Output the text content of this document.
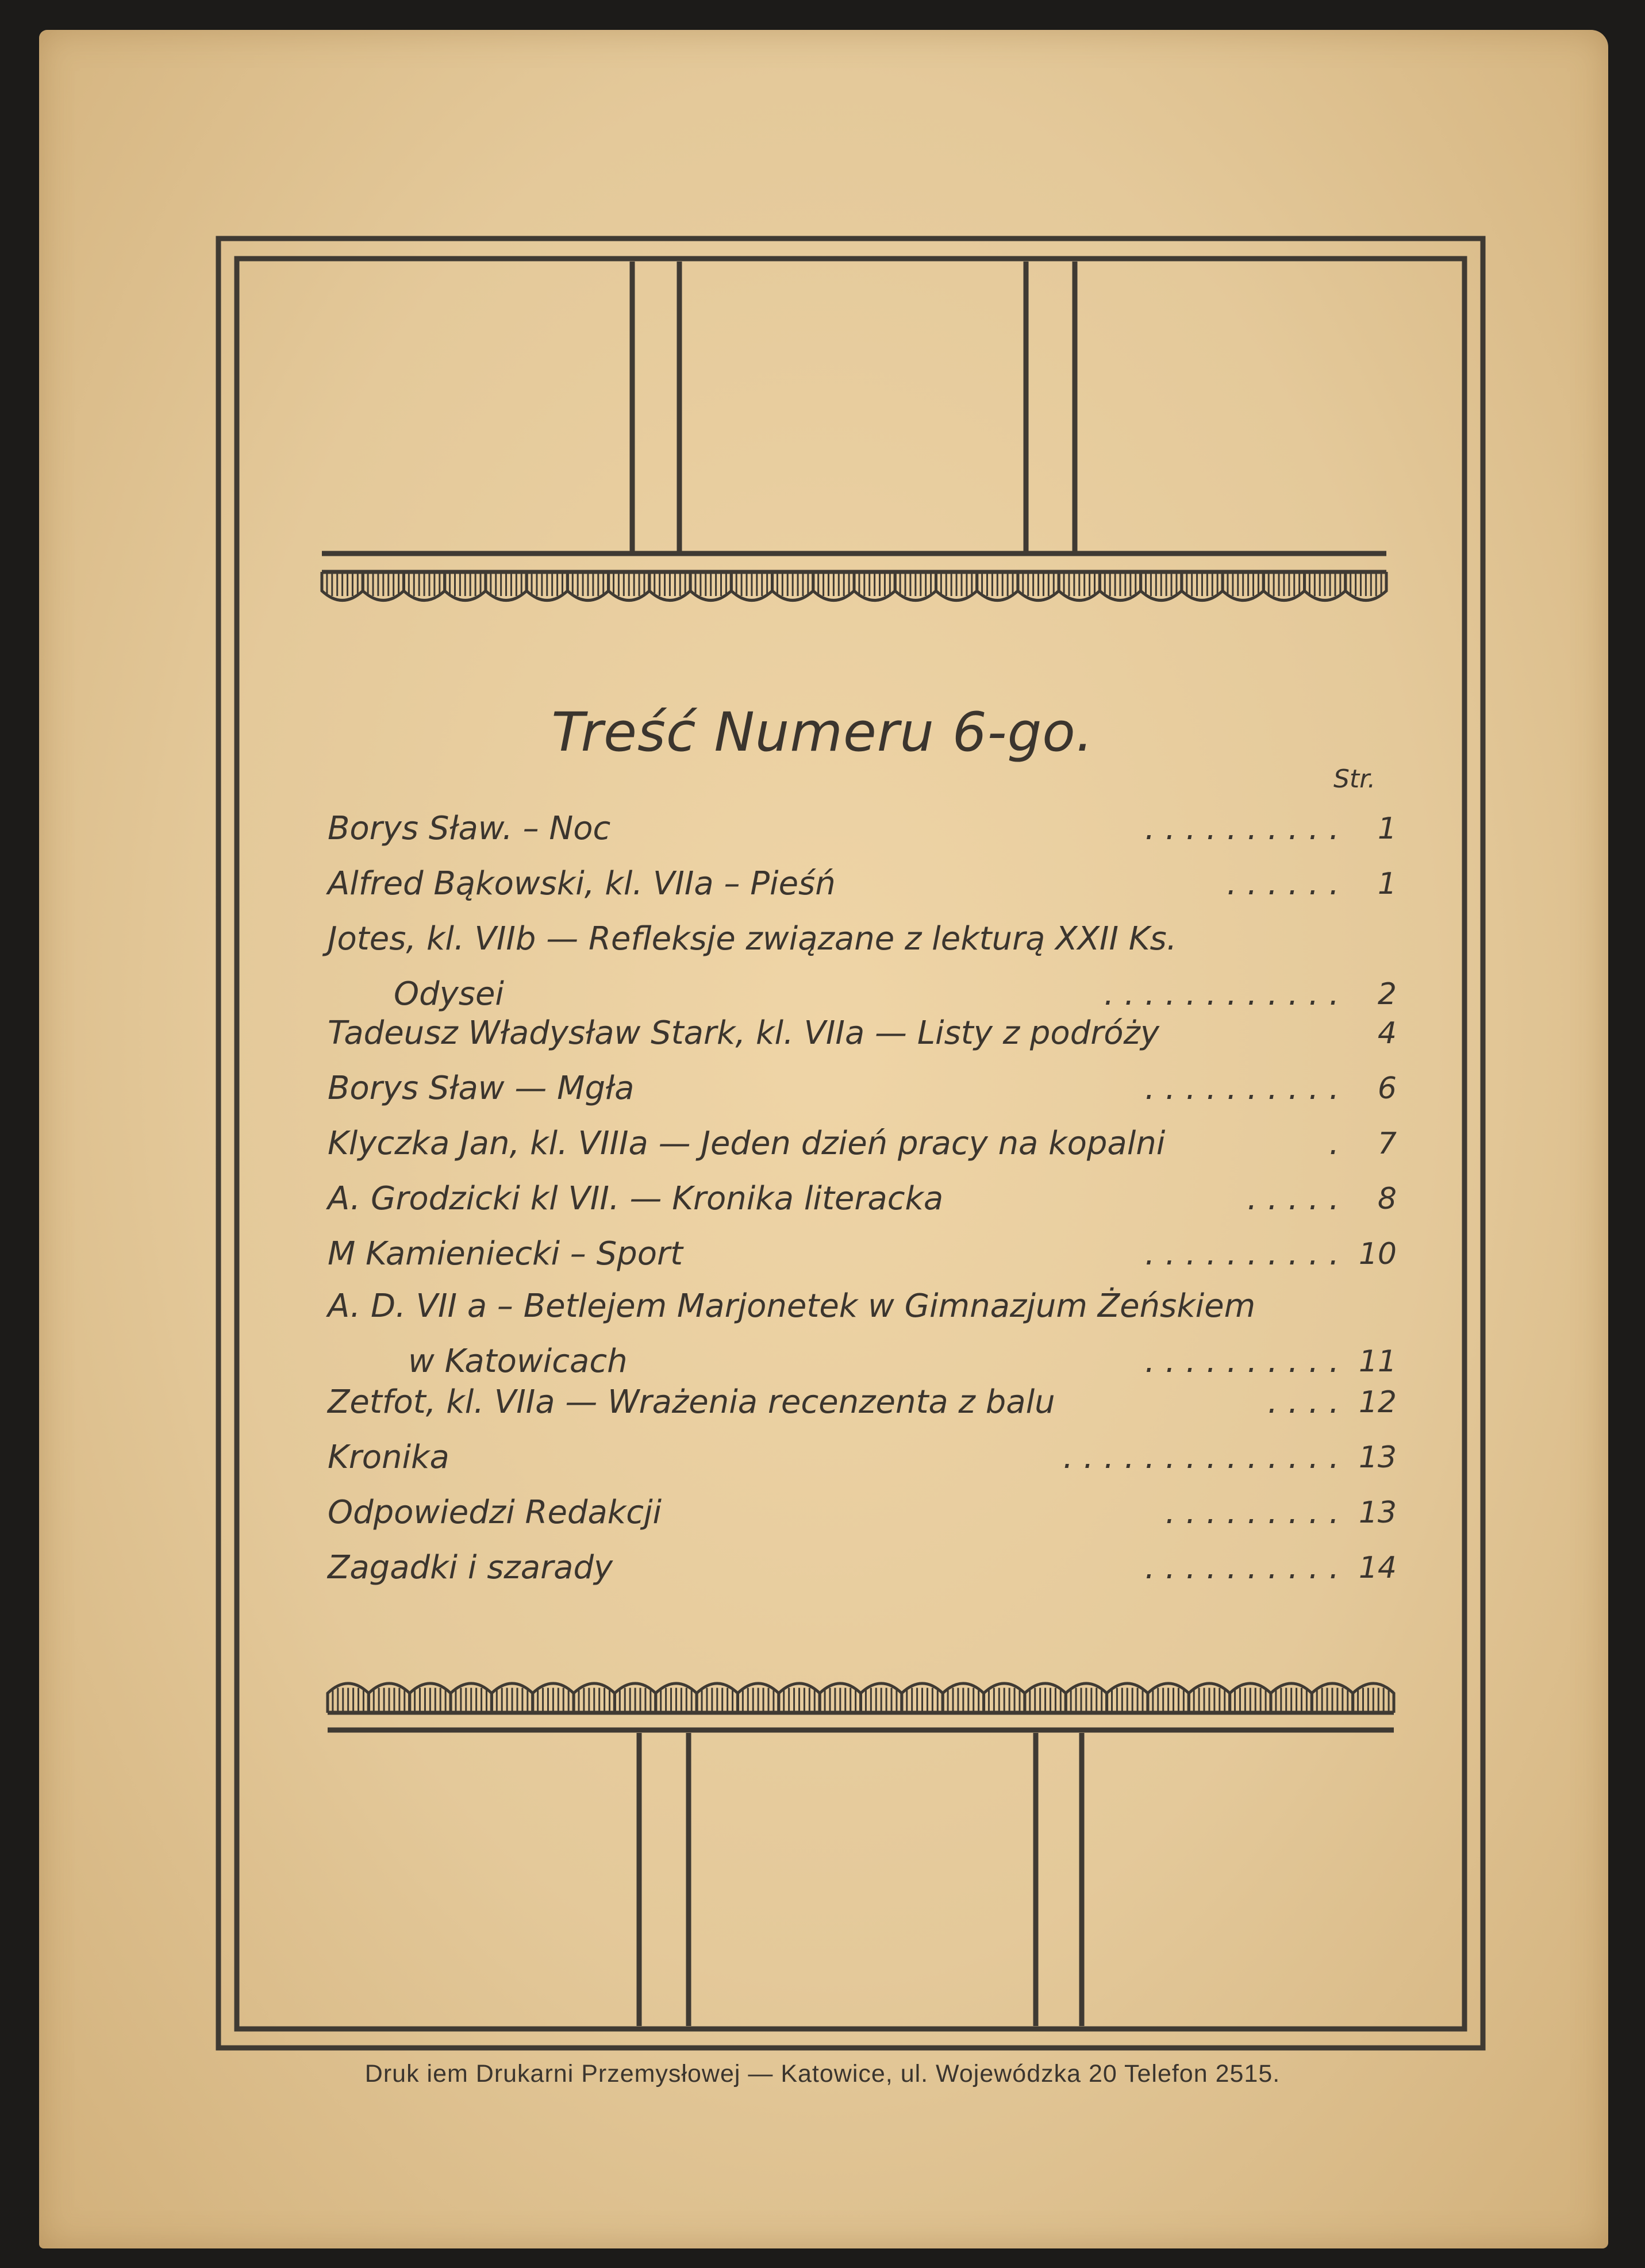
Treść Numeru 6-go.
Str.
Borys Sław. – Noc	. . . . . . . . . .	1
Alfred Bąkowski, kl. VIIa – Pieśń	. . . . . .	1
Jotes, kl. VIIb — Refleksje związane z lekturą XXII Ks.
Odysei	. . . . . . . . . . . .	2
Tadeusz Władysław Stark, kl. VIIa — Listy z podróży	4
Borys Sław — Mgła	. . . . . . . . . .	6
Klyczka Jan, kl. VIIIa — Jeden dzień pracy na kopalni	.	7
A. Grodzicki kl VII. — Kronika literacka	. . . . .	8
M Kamieniecki – Sport	. . . . . . . . . . 10
A. D. VII a – Betlejem Marjonetek w Gimnazjum Żeńskiem
w Katowicach	. . . . . . . . . . 11
Zetfot, kl. VIIa — Wrażenia recenzenta z balu	. . . . 12
Kronika	. . . . . . . . . . . . . . 13
Odpowiedzi Redakcji	. . . . . . . . . 13
Zagadki i szarady	. . . . . . . . . . 14
Druk iem Drukarni Przemysłowej — Katowice, ul. Wojewódzka 20 Telefon 2515.
